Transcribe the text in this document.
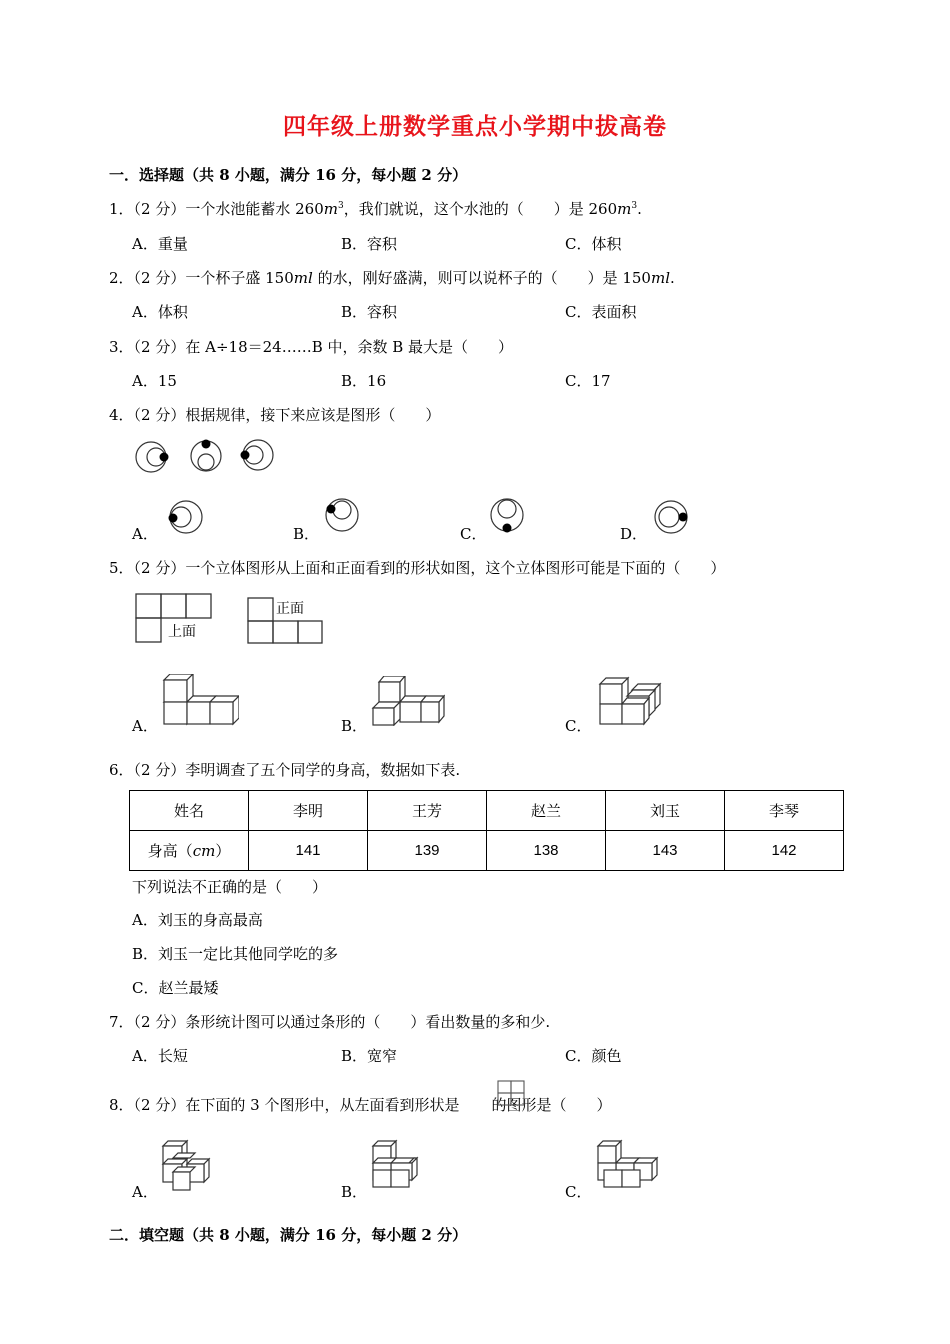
四年级上册数学重点小学期中拔高卷
一．选择题（共 8 小题，满分 16 分，每小题 2 分）
1．（2 分）一个水池能蓄水 $260m^3$，我们就说，这个水池的（　　）是 $260m^3$.
A．重量	B．容积	C．体积
2．（2 分）一个杯子盛 150ml 的水，刚好盛满，则可以说杯子的（　　）是 150ml.
A．体积	B．容积	C．表面积
3．（2 分）在 A÷18＝24……B 中，余数 B 最大是（　　）
A．15	B．16	C．17
4．（2 分）根据规律，接下来应该是图形（　　）
A．	B．	C．	D．
5．（2 分）一个立体图形从上面和正面看到的形状如图，这个立体图形可能是下面的（　　）
上面
正面
A．	B．	C．
6．（2 分）李明调查了五个同学的身高，数据如下表.
姓名	李明	王芳	赵兰	刘玉	李琴
身高（cm）	141	139	138	143	142
下列说法不正确的是（　　）
A．刘玉的身高最高
B．刘玉一定比其他同学吃的多
C．赵兰最矮
7．（2 分）条形统计图可以通过条形的（　　）看出数量的多和少.
A．长短	B．宽窄	C．颜色
8．（2 分）在下面的 3 个图形中，从左面看到形状是 的图形是（　　）
A．	B．	C．
二．填空题（共 8 小题，满分 16 分，每小题 2 分）
